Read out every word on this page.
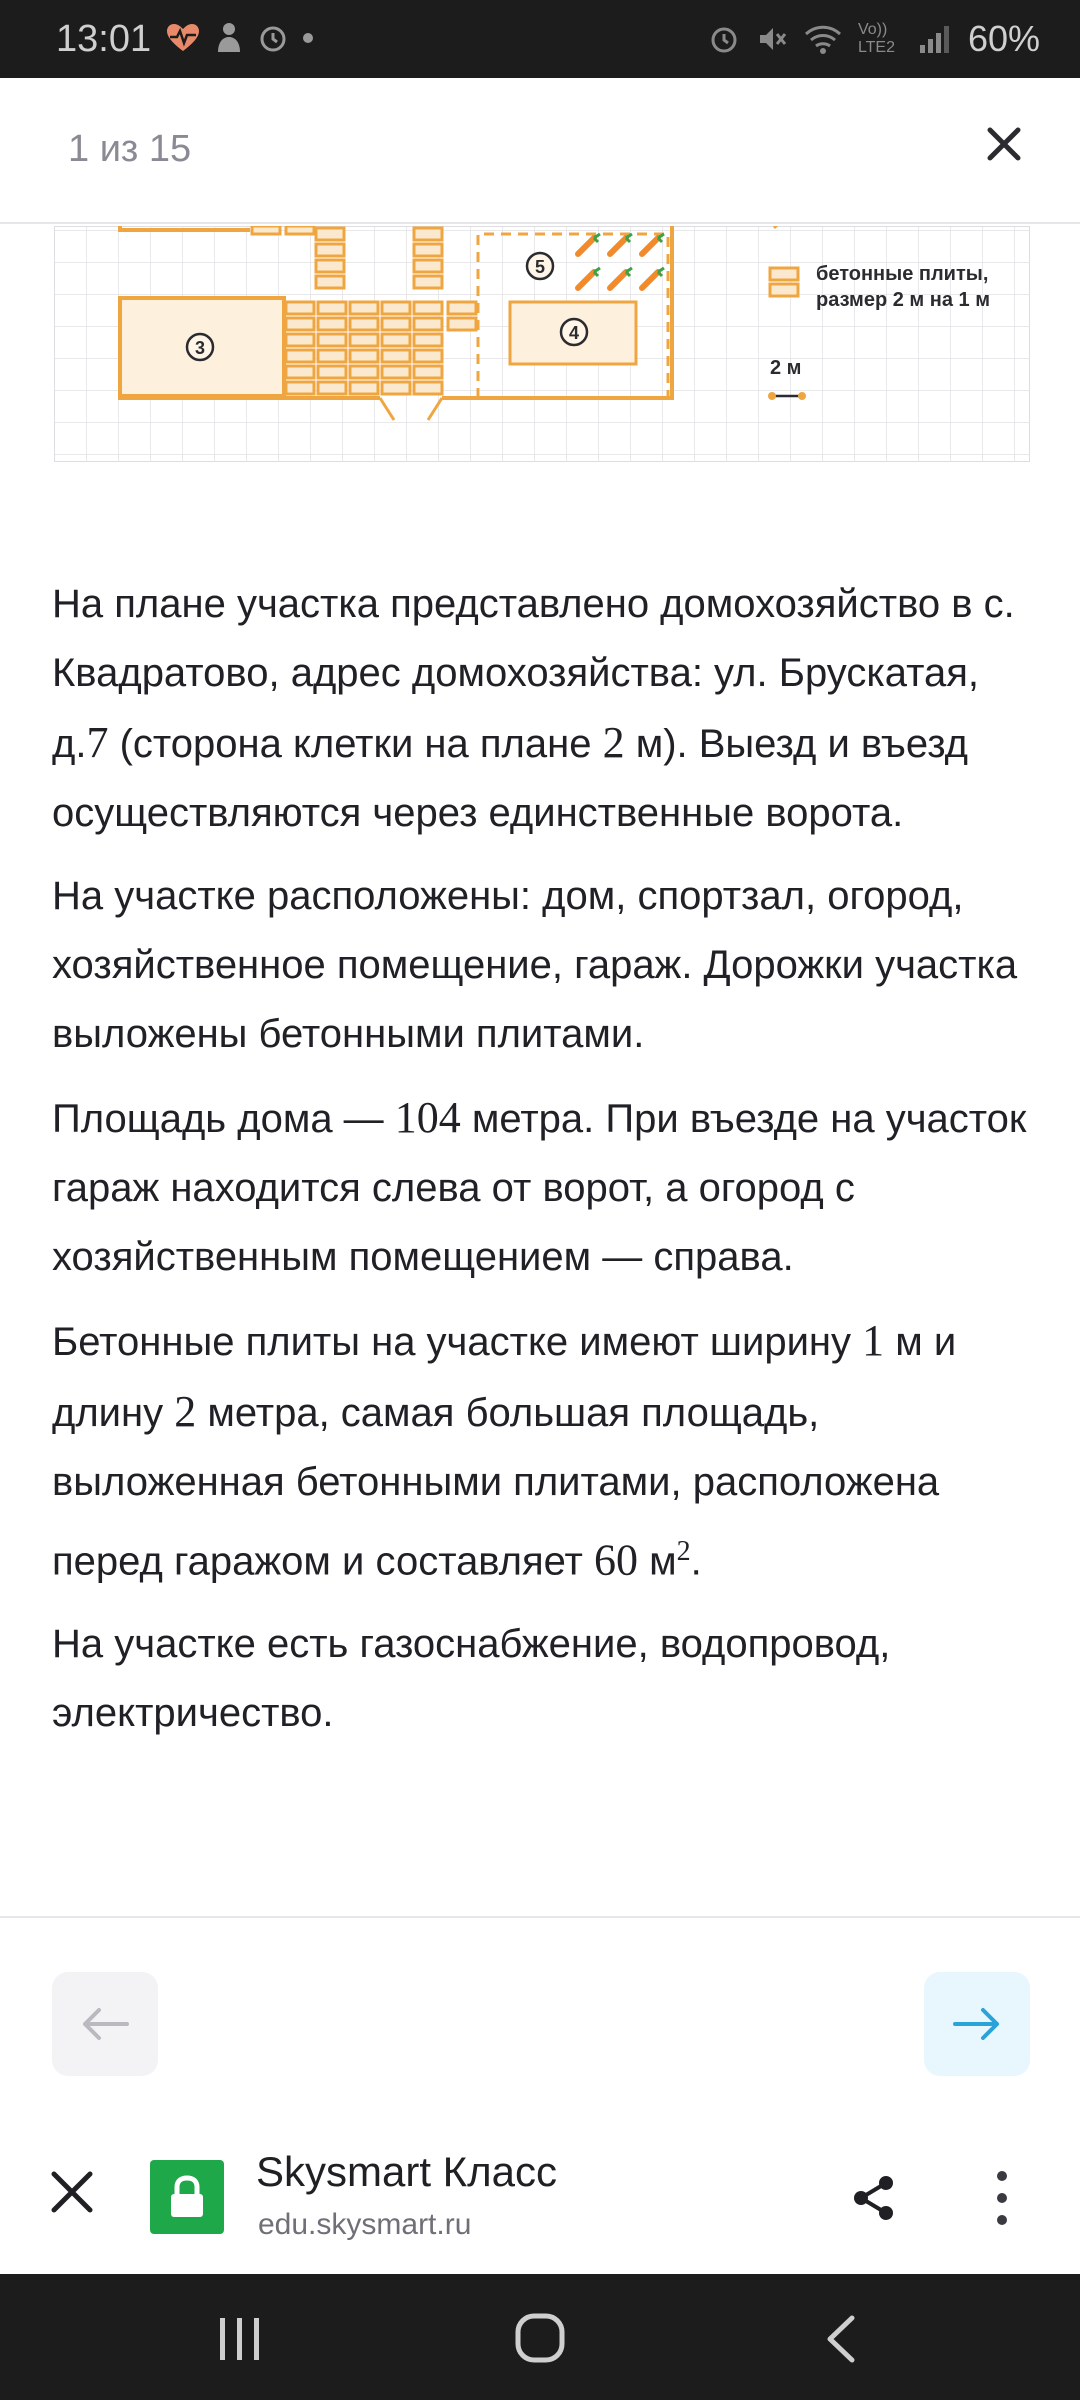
13:01	Vo)) LTE2 60%
1 из 15
3
5
4
бетонные плиты,
размер 2 м на 1 м
2 м

На плане участка представлено домохозяйство в с. Квадратово, адрес домохозяйства: ул. Брускатая, д.7 (сторона клетки на плане 2 м). Выезд и въезд осуществляются через единственные ворота.

На участке расположены: дом, спортзал, огород, хозяйственное помещение, гараж. Дорожки участка выложены бетонными плитами.

Площадь дома — 104 метра. При въезде на участок гараж находится слева от ворот, а огород с хозяйственным помещением — справа.

Бетонные плиты на участке имеют ширину 1 м и длину 2 метра, самая большая площадь, выложенная бетонными плитами, расположена перед гаражом и составляет 60 $м^2$.

На участке есть газоснабжение, водопровод, электричество.

Skysmart Класс
edu.skysmart.ru
